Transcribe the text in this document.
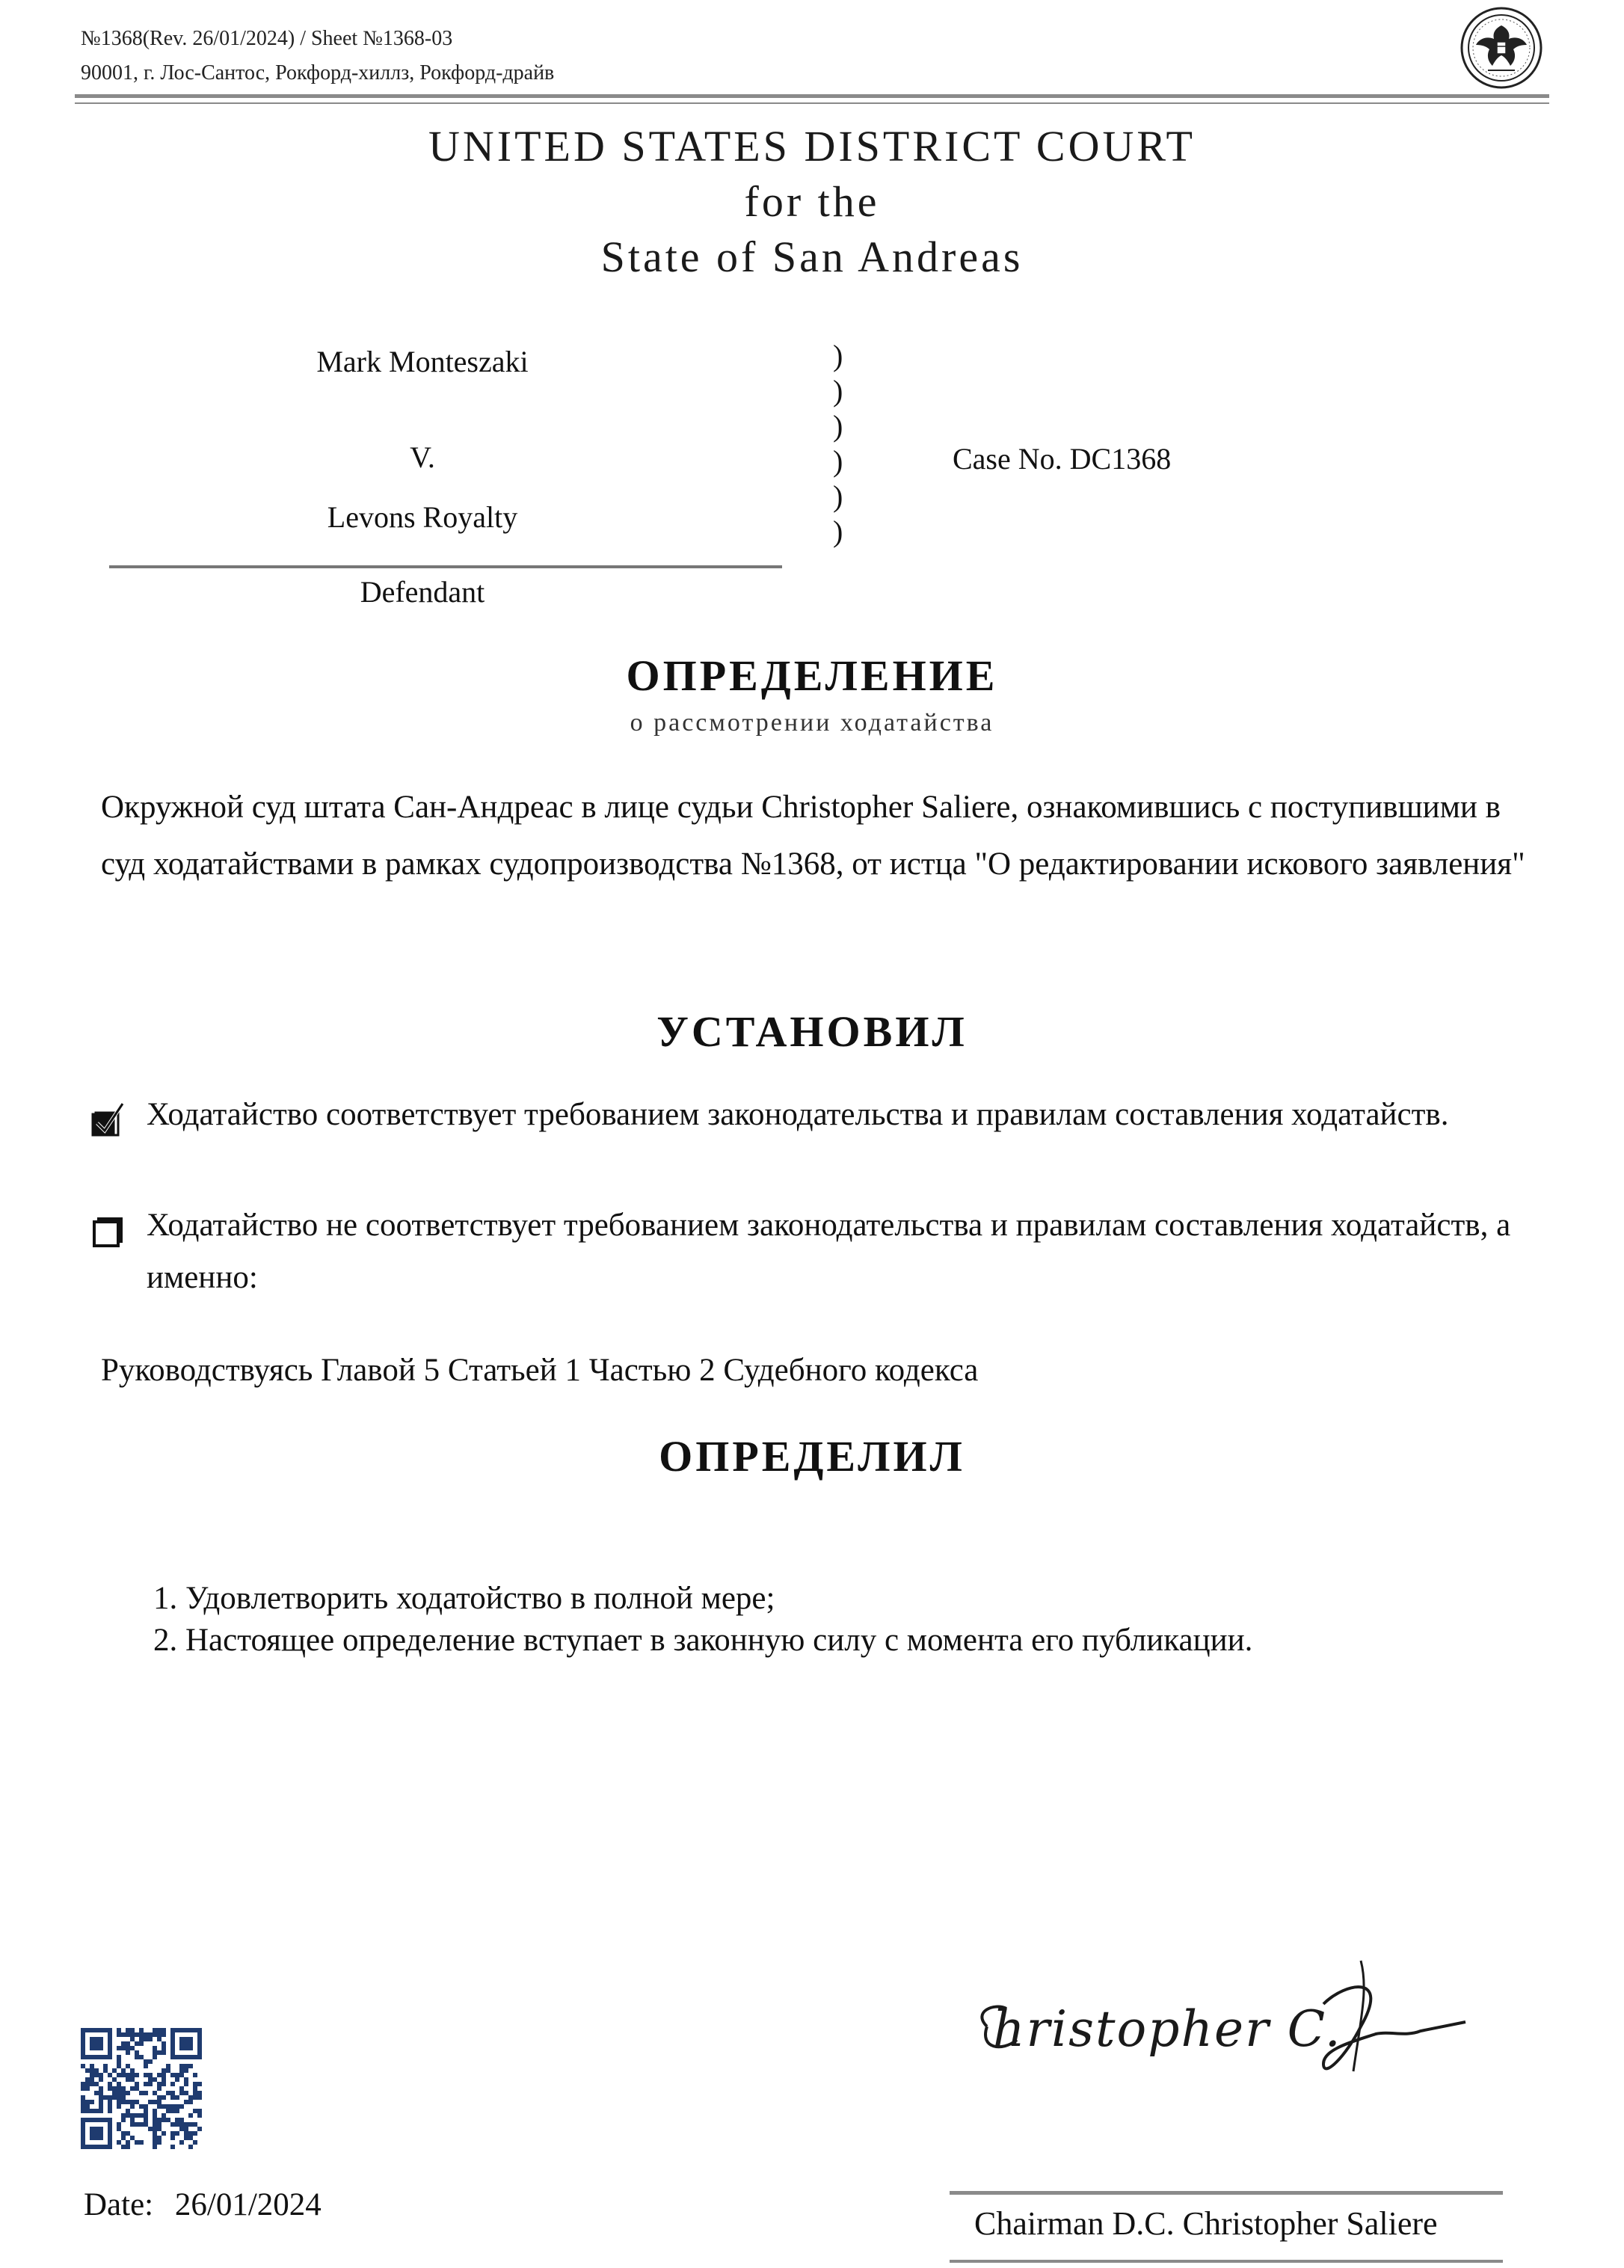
№1368(Rev. 26/01/2024) / Sheet №1368-03
90001, г. Лос-Сантос, Рокфорд-хиллз, Рокфорд-драйв
UNITED STATES DISTRICT COURT
for the
State of San Andreas
Mark Monteszaki
V.
Levons Royalty
Defendant
)
)
)
)
)
)
Case No. DC1368
ОПРЕДЕЛЕНИЕ
о рассмотрении ходатайства
Окружной суд штата Сан-Андреас в лице судьи Christopher Saliere, ознакомившись с поступившими в суд ходатайствами в рамках судопроизводства №1368, от истца "О редактировании искового заявления"
УСТАНОВИЛ
Ходатайство соответствует требованием законодательства и правилам составления ходатайств.
Ходатайство не соответствует требованием законодательства и правилам составления ходатайств, а именно:
Руководствуясь Главой 5 Статьей 1 Частью 2 Судебного кодекса
ОПРЕДЕЛИЛ
1. Удовлетворить ходатойство в полной мере;
2. Настоящее определение вступает в законную силу с момента его публикации.
Date: 26/01/2024
hristopher C.
Chairman D.C. Christopher Saliere
